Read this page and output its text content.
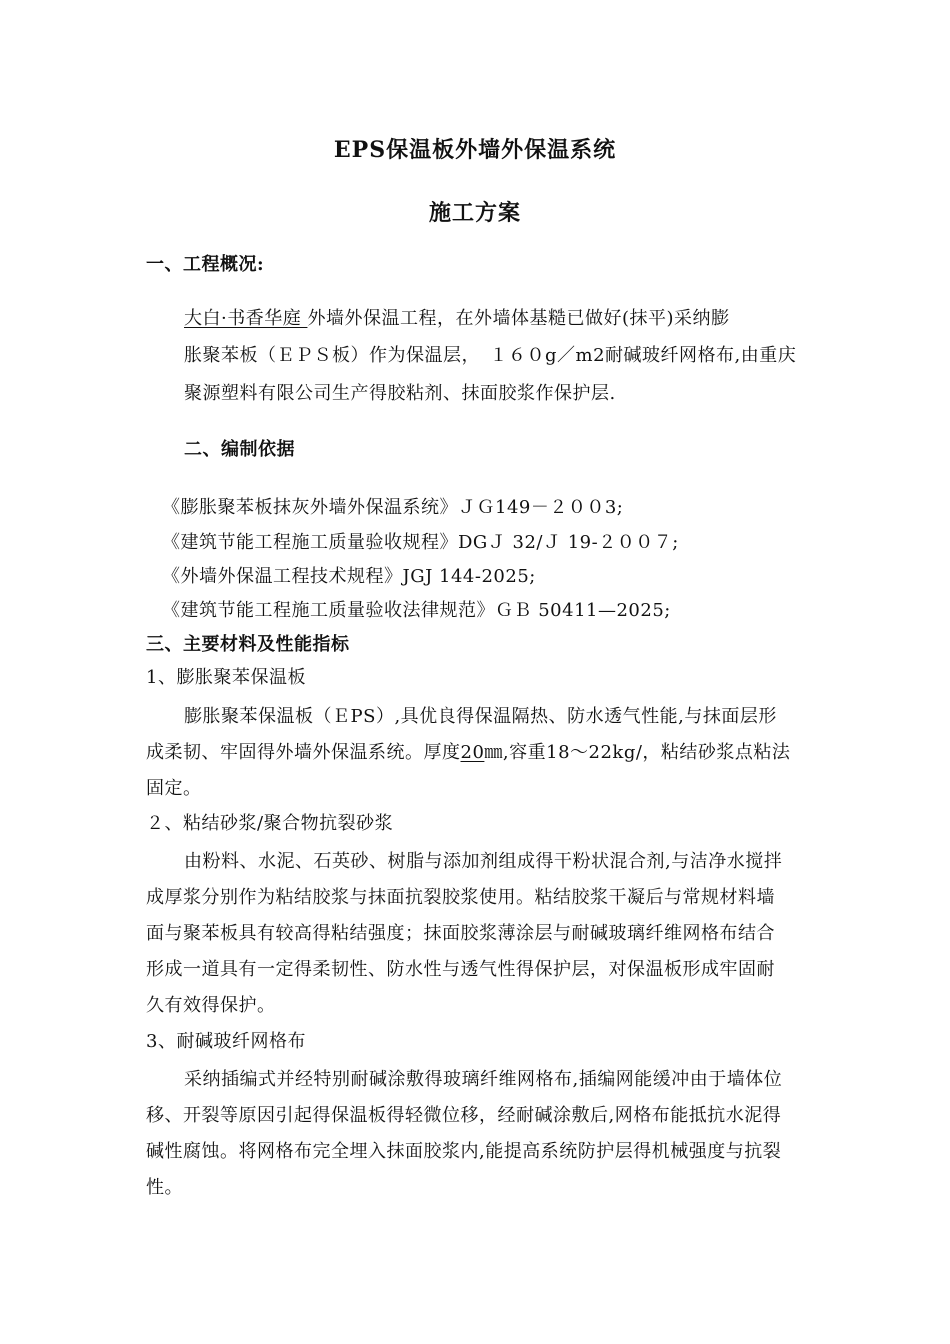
EPS保温板外墙外保温系统
施工方案
一、工程概况:
大白·书香华庭 外墙外保温工程，在外墙体基糙已做好(抹平)采纳膨
胀聚苯板（ＥＰＳ板）作为保温层，　１６０g／m2耐碱玻纤网格布,由重庆
聚源塑料有限公司生产得胶粘剂、抹面胶浆作保护层.
二、编制依据
《膨胀聚苯板抹灰外墙外保温系统》ＪＧ149－２００3;
《建筑节能工程施工质量验收规程》DGＪ 32/Ｊ 19-２００７;
《外墙外保温工程技术规程》JGJ 144-2025;
《建筑节能工程施工质量验收法律规范》ＧＢ 50411—2025;
三、主要材料及性能指标
1、膨胀聚苯保温板
膨胀聚苯保温板（ＥPS）,具优良得保温隔热、防水透气性能,与抹面层形
成柔韧、牢固得外墙外保温系统。厚度20㎜,容重18～22kg/，粘结砂浆点粘法
固定。
２、粘结砂浆/聚合物抗裂砂浆
由粉料、水泥、石英砂、树脂与添加剂组成得干粉状混合剂,与洁净水搅拌
成厚浆分别作为粘结胶浆与抹面抗裂胶浆使用。粘结胶浆干凝后与常规材料墙
面与聚苯板具有较高得粘结强度；抹面胶浆薄涂层与耐碱玻璃纤维网格布结合
形成一道具有一定得柔韧性、防水性与透气性得保护层，对保温板形成牢固耐
久有效得保护。
3、耐碱玻纤网格布
采纳插编式并经特别耐碱涂敷得玻璃纤维网格布,插编网能缓冲由于墙体位
移、开裂等原因引起得保温板得轻微位移，经耐碱涂敷后,网格布能抵抗水泥得
碱性腐蚀。将网格布完全埋入抹面胶浆内,能提高系统防护层得机械强度与抗裂
性。
